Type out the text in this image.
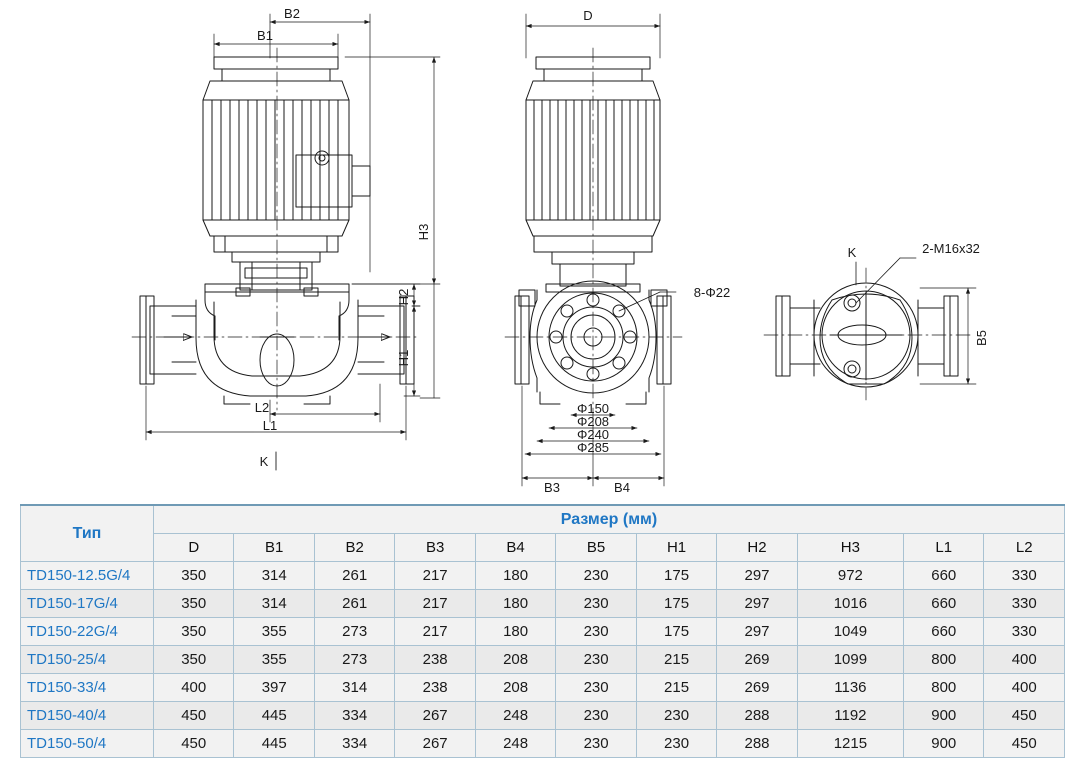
B2
B1
L2
L1
K
D
8-Φ22
Φ150
Φ208
Φ240
Φ285
B3	B4
K	2-M16x32
H3
H2
H1
B5
Тип	Размер (мм)										
	D	B1	B2	B3	B4	B5	H1	H2	H3	L1	L2
TD150-12.5G/4	350	314	261	217	180	230	175	297	972	660	330
TD150-17G/4	350	314	261	217	180	230	175	297	1016	660	330
TD150-22G/4	350	355	273	217	180	230	175	297	1049	660	330
TD150-25/4	350	355	273	238	208	230	215	269	1099	800	400
TD150-33/4	400	397	314	238	208	230	215	269	1136	800	400
TD150-40/4	450	445	334	267	248	230	230	288	1192	900	450
TD150-50/4	450	445	334	267	248	230	230	288	1215	900	450
